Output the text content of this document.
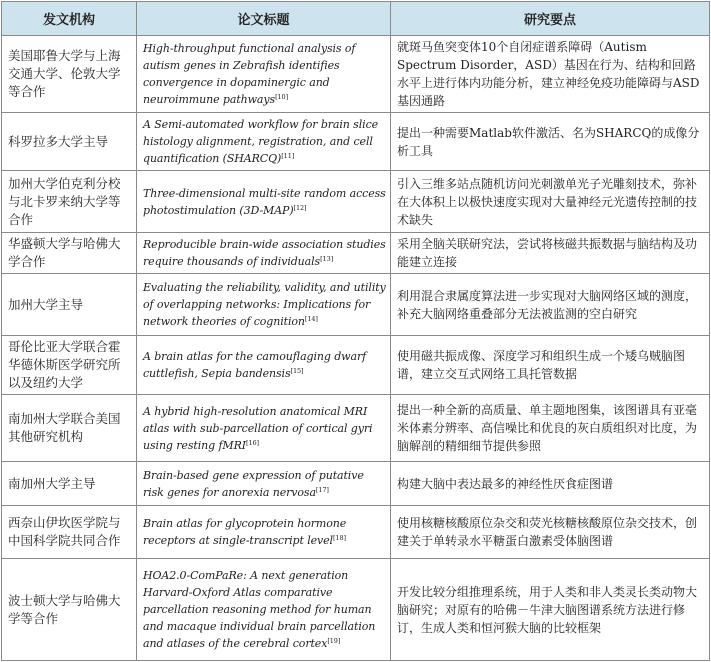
发文机构	论文标题	研究要点
美国耶鲁大学与上海交通大学、伦敦大学等合作	High-throughput functional analysis of autism genes in Zebrafish identifies convergence in dopaminergic and neuroimmune pathways[10]	就斑马鱼突变体10个自闭症谱系障碍（Autism Spectrum Disorder，ASD）基因在行为、结构和回路水平上进行体内功能分析，建立神经免疫功能障碍与ASD基因通路
科罗拉多大学主导	A Semi-automated workflow for brain slice histology alignment, registration, and cell quantification (SHARCQ)[11]	提出一种需要Matlab软件激活、名为SHARCQ的成像分析工具
加州大学伯克利分校与北卡罗来纳大学等合作	Three-dimensional multi-site random access photostimulation (3D-MAP)[12]	引入三维多站点随机访问光刺激单光子光雕刻技术，弥补在大体积上以极快速度实现对大量神经元光遗传控制的技术缺失
华盛顿大学与哈佛大学合作	Reproducible brain-wide association studies require thousands of individuals[13]	采用全脑关联研究法，尝试将核磁共振数据与脑结构及功能建立连接
加州大学主导	Evaluating the reliability, validity, and utility of overlapping networks: Implications for network theories of cognition[14]	利用混合隶属度算法进一步实现对大脑网络区域的测度，补充大脑网络重叠部分无法被监测的空白研究
哥伦比亚大学联合霍华德休斯医学研究所以及纽约大学	A brain atlas for the camouflaging dwarf cuttlefish, Sepia bandensis[15]	使用磁共振成像、深度学习和组织生成一个矮乌贼脑图谱，建立交互式网络工具托管数据
南加州大学联合美国其他研究机构	A hybrid high-resolution anatomical MRI atlas with sub-parcellation of cortical gyri using resting fMRI[16]	提出一种全新的高质量、单主题地图集，该图谱具有亚毫米体素分辨率、高信噪比和优良的灰白质组织对比度，为脑解剖的精细细节提供参照
南加州大学主导	Brain-based gene expression of putative risk genes for anorexia nervosa[17]	构建大脑中表达最多的神经性厌食症图谱
西奈山伊坎医学院与中国科学院共同合作	Brain atlas for glycoprotein hormone receptors at single-transcript level[18]	使用核糖核酸原位杂交和荧光核糖核酸原位杂交技术，创建关于单转录水平糖蛋白激素受体脑图谱
波士顿大学与哈佛大学等合作	HOA2.0-ComPaRe: A next generation Harvard-Oxford Atlas comparative parcellation reasoning method for human and macaque individual brain parcellation and atlases of the cerebral cortex[19]	开发比较分组推理系统，用于人类和非人类灵长类动物大脑研究；对原有的哈佛－牛津大脑图谱系统方法进行修订，生成人类和恒河猴大脑的比较框架
